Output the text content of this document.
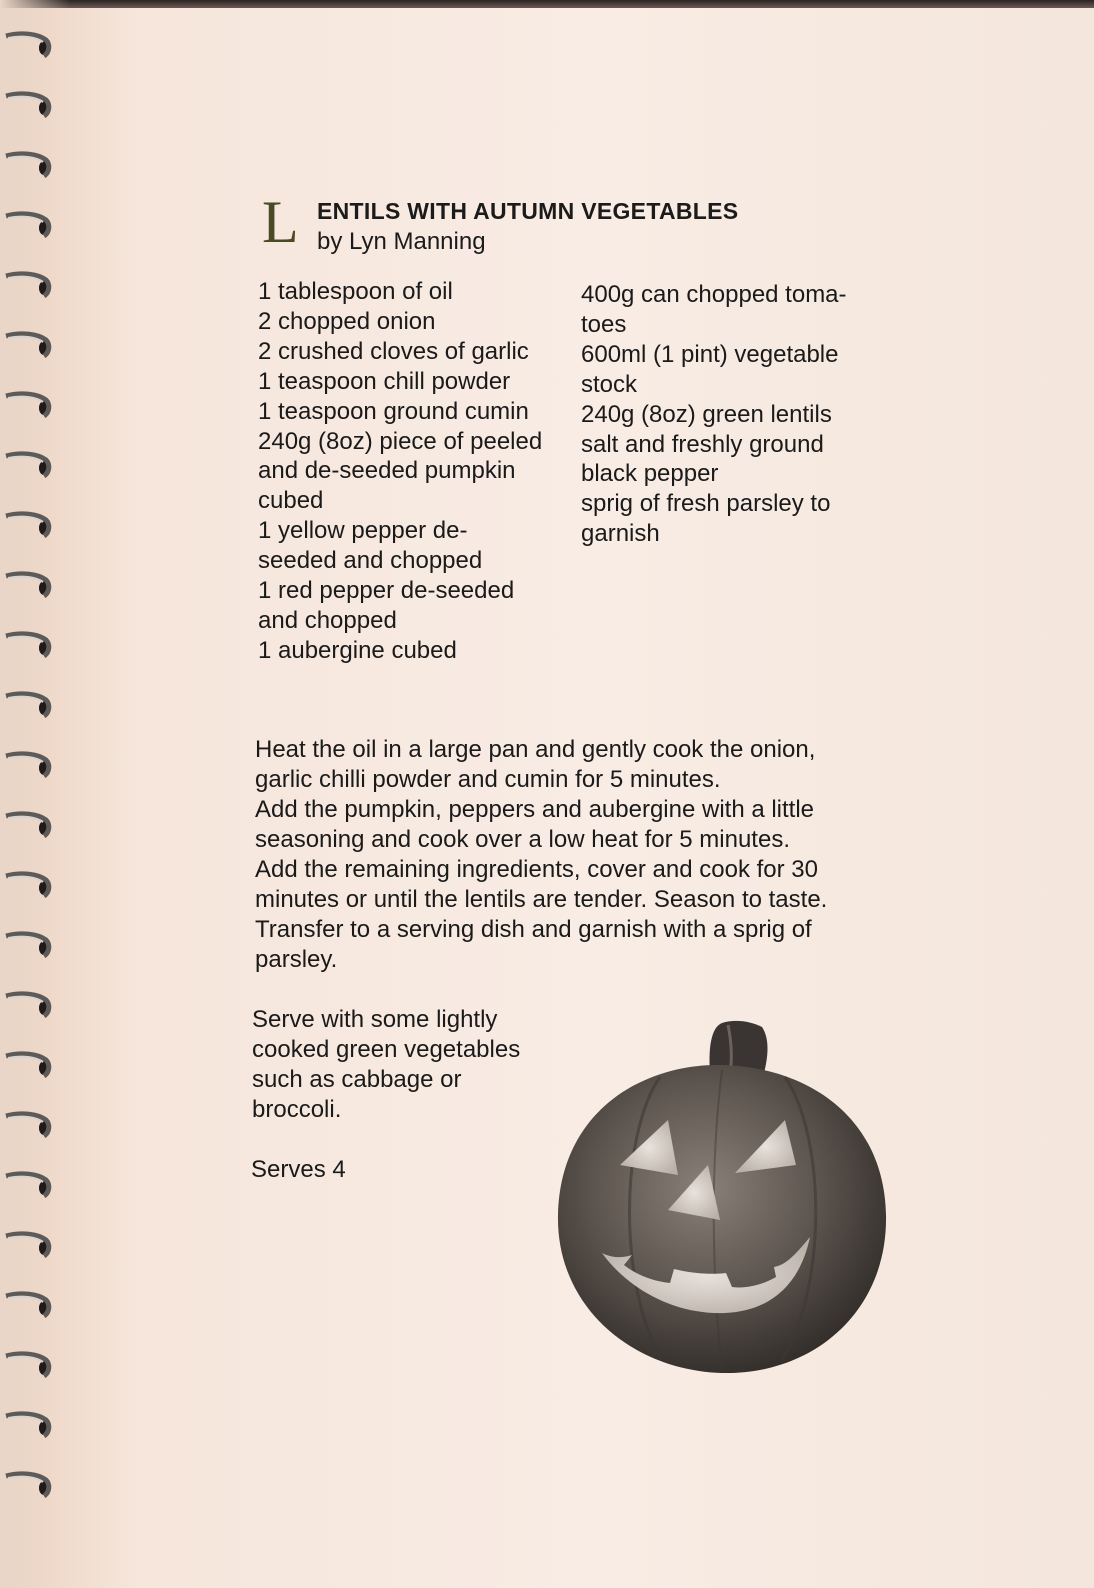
L ENTILS WITH AUTUMN VEGETABLES
by Lyn Manning
1 tablespoon of oil
2 chopped onion
2 crushed cloves of garlic
1 teaspoon chill powder
1 teaspoon ground cumin
240g (8oz) piece of peeled
and de-seeded pumpkin
cubed
1 yellow pepper de-
seeded and chopped
1 red pepper de-seeded
and chopped
1 aubergine cubed
400g can chopped toma-
toes
600ml (1 pint) vegetable
stock
240g (8oz) green lentils
salt and freshly ground
black pepper
sprig of fresh parsley to
garnish
Heat the oil in a large pan and gently cook the onion,
garlic chilli powder and cumin for 5 minutes.
Add the pumpkin, peppers and aubergine with a little
seasoning and cook over a low heat for 5 minutes.
Add the remaining ingredients, cover and cook for 30
minutes or until the lentils are tender. Season to taste.
Transfer to a serving dish and garnish with a sprig of
parsley.
Serve with some lightly
cooked green vegetables
such as cabbage or
broccoli.
Serves 4
